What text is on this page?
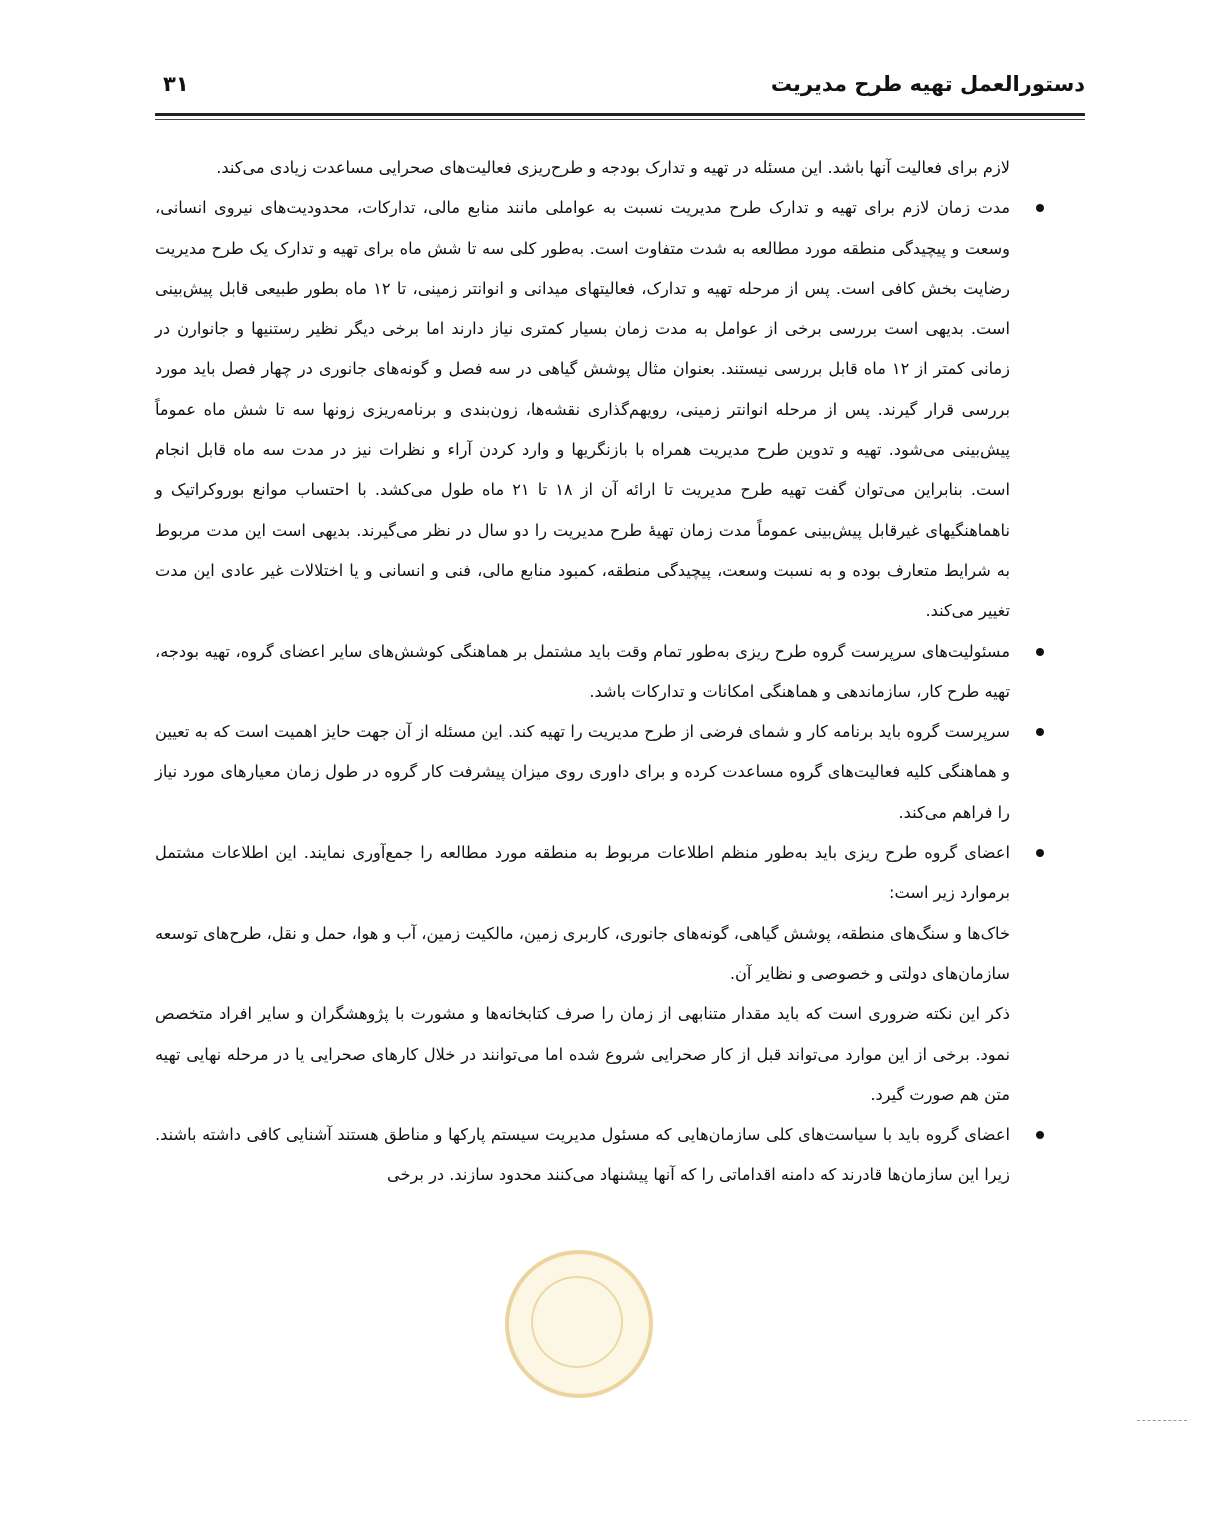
دستورالعمل تهیه طرح مدیریت
۳۱

لازم برای فعالیت آنها باشد. این مسئله در تهیه و تدارک بودجه و طرح‌ریزی فعالیت‌های صحرایی مساعدت زیادی می‌کند.

مدت زمان لازم برای تهیه و تدارک طرح مدیریت نسبت به عواملی مانند منابع مالی، تدارکات، محدودیت‌های نیروی انسانی، وسعت و پیچیدگی منطقه مورد مطالعه به شدت متفاوت است. به‌طور کلی سه تا شش ماه برای تهیه و تدارک یک طرح مدیریت رضایت بخش کافی است. پس از مرحله تهیه و تدارک، فعالیتهای میدانی و انوانتر زمینی، تا ۱۲ ماه بطور طبیعی قابل پیش‌بینی است. بدیهی است بررسی برخی از عوامل به مدت زمان بسیار کمتری نیاز دارند اما برخی دیگر نظیر رستنیها و جانوارن در زمانی کمتر از ۱۲ ماه قابل بررسی نیستند. بعنوان مثال پوشش گیاهی در سه فصل و گونه‌های جانوری در چهار فصل باید مورد بررسی قرار گیرند. پس از مرحله انوانتر زمینی، رویهم‌گذاری نقشه‌ها، زون‌بندی و برنامه‌ریزی زونها سه تا شش ماه عموماً پیش‌بینی می‌شود. تهیه و تدوین طرح مدیریت همراه با بازنگریها و وارد کردن آراء و نظرات نیز در مدت سه ماه قابل انجام است. بنابراین می‌توان گفت تهیه طرح مدیریت تا ارائه آن از ۱۸ تا ۲۱ ماه طول می‌کشد. با احتساب موانع بوروکراتیک و ناهماهنگیهای غیرقابل پیش‌بینی عموماً مدت زمان تهیهٔ طرح مدیریت را دو سال در نظر می‌گیرند. بدیهی است این مدت مربوط به شرایط متعارف بوده و به نسبت وسعت، پیچیدگی منطقه، کمبود منابع مالی، فنی و انسانی و یا اختلالات غیر عادی این مدت تغییر می‌کند.
مسئولیت‌های سرپرست گروه طرح ریزی به‌طور تمام وقت باید مشتمل بر هماهنگی کوشش‌های سایر اعضای گروه، تهیه بودجه، تهیه طرح کار، سازماندهی و هماهنگی امکانات و تدارکات باشد.
سرپرست گروه باید برنامه کار و شمای فرضی از طرح مدیریت را تهیه کند. این مسئله از آن جهت حایز اهمیت است که به تعیین و هماهنگی کلیه فعالیت‌های گروه مساعدت کرده و برای داوری روی میزان پیشرفت کار گروه در طول زمان معیارهای مورد نیاز را فراهم می‌کند.
اعضای گروه طرح ریزی باید به‌طور منظم اطلاعات مربوط به منطقه مورد مطالعه را جمع‌آوری نمایند. این اطلاعات مشتمل برموارد زیر است:

خاک‌ها و سنگ‌های منطقه، پوشش گیاهی، گونه‌های جانوری، کاربری زمین، مالکیت زمین، آب و هوا، حمل و نقل، طرح‌های توسعه سازمان‌های دولتی و خصوصی و نظایر آن.

ذکر این نکته ضروری است که باید مقدار متنابهی از زمان را صرف کتابخانه‌ها و مشورت با پژوهشگران و سایر افراد متخصص نمود. برخی از این موارد می‌تواند قبل از کار صحرایی شروع شده اما می‌توانند در خلال کارهای صحرایی یا در مرحله نهایی تهیه متن هم صورت گیرد.

اعضای گروه باید با سیاست‌های کلی سازمان‌هایی که مسئول مدیریت سیستم پارکها و مناطق هستند آشنایی کافی داشته باشند. زیرا این سازمان‌ها قادرند که دامنه اقداماتی را که آنها پیشنهاد می‌کنند محدود سازند. در برخی
